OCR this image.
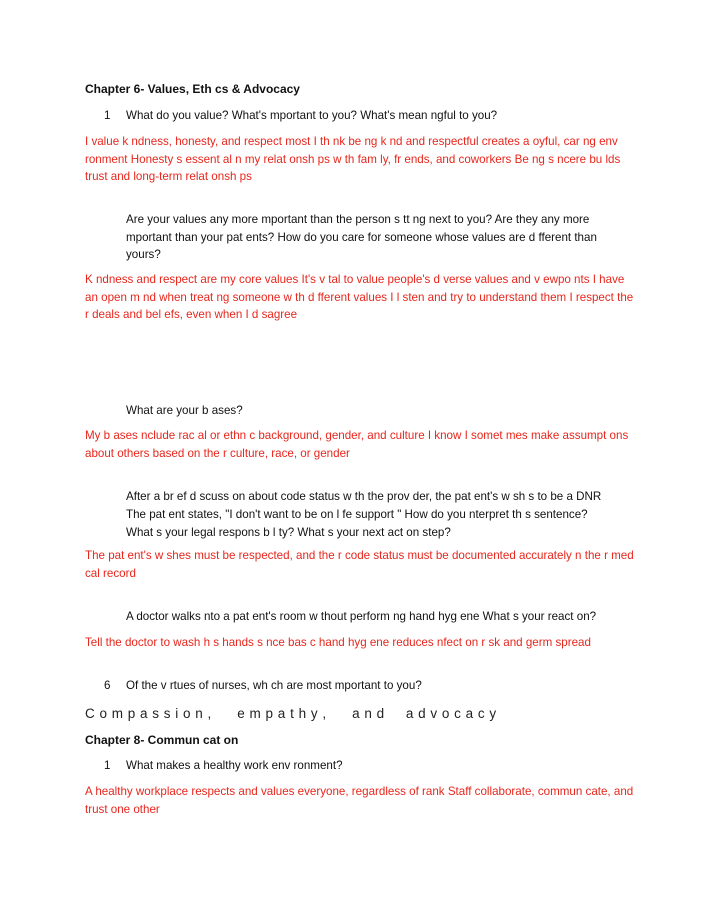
Chapter 6- Values, Eth cs & Advocacy
1 What do you value? What's mportant to you? What's mean ngful to you?
I value k ndness, honesty, and respect most I th nk be ng k nd and respectful creates a oyful, car ng env ronment Honesty s essent al n my relat onsh ps w th fam ly, fr ends, and coworkers Be ng s ncere bu lds trust and long-term relat onsh ps
Are your values any more mportant than the person s tt ng next to you? Are they any more mportant than your pat ents? How do you care for someone whose values are d fferent than yours?
K ndness and respect are my core values It's v tal to value people's d verse values and v ewpo nts I have an open m nd when treat ng someone w th d fferent values I l sten and try to understand them I respect the r deals and bel efs, even when I d sagree
What are your b ases?
My b ases nclude rac al or ethn c background, gender, and culture I know I somet mes make assumpt ons about others based on the r culture, race, or gender
After a br ef d scuss on about code status w th the prov der, the pat ent's w sh s to be a DNR
The pat ent states, "I don't want to be on l fe support " How do you nterpret th s sentence? What s your legal respons b l ty? What s your next act on step?
The pat ent's w shes must be respected, and the r code status must be documented accurately n the r med cal record
A doctor walks nto a pat ent's room w thout perform ng hand hyg ene What s your react on?
Tell the doctor to wash h s hands s nce bas c hand hyg ene reduces nfect on r sk and germ spread
6 Of the v rtues of nurses, wh ch are most mportant to you?
C o m p a s s i o n ,      e m p a t h y ,      a n d     a d v o c a c y
Chapter 8- Commun cat on
1 What makes a healthy work env ronment?
A healthy workplace respects and values everyone, regardless of rank Staff collaborate, commun cate, and trust one other
